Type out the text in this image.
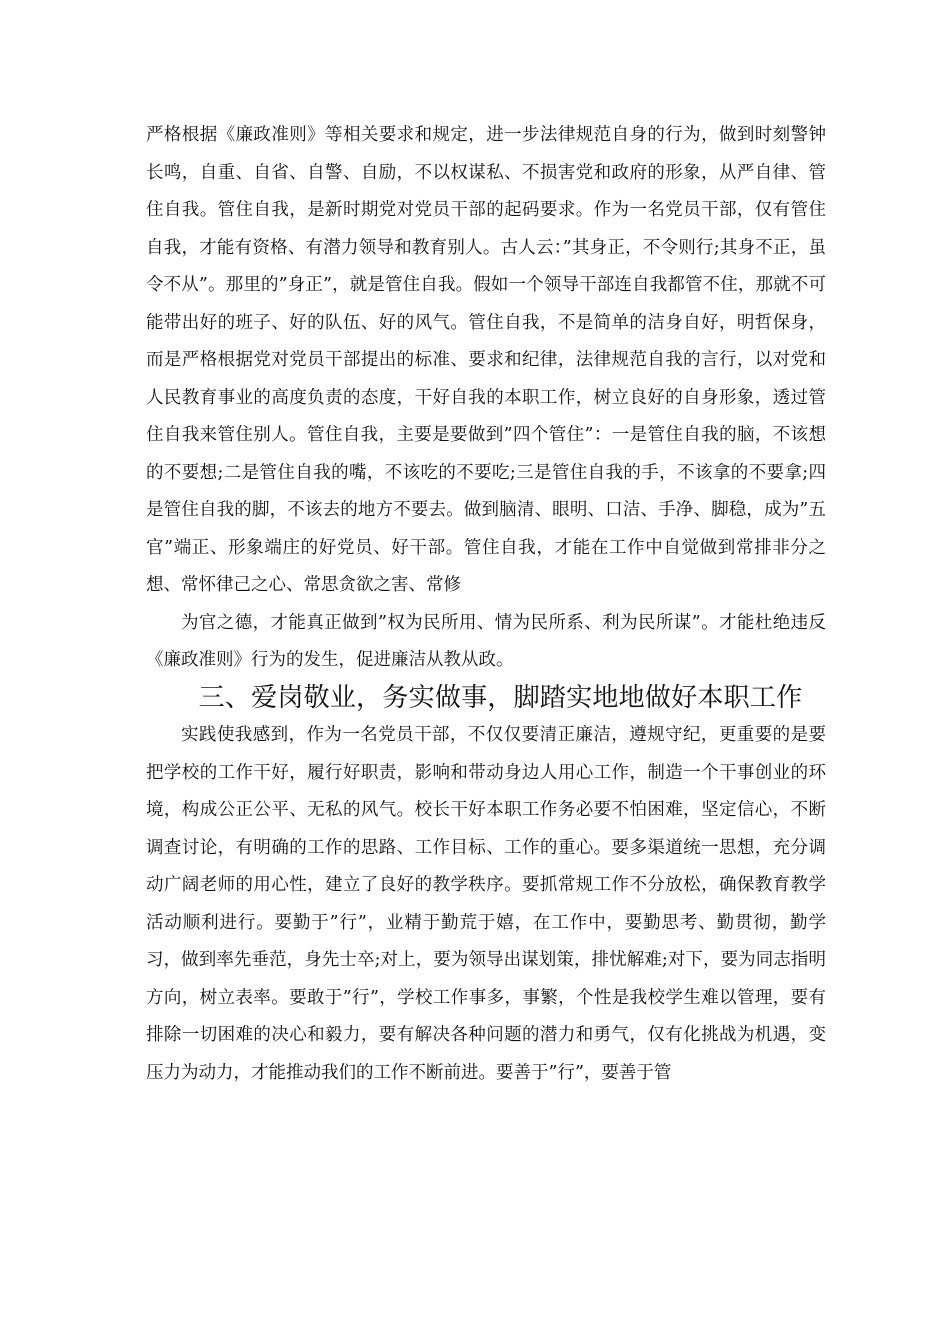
严格根据《廉政准则》等相关要求和规定，进一步法律规范自身的行为，做到时刻警钟长鸣，自重、自省、自警、自励，不以权谋私、不损害党和政府的形象，从严自律、管住自我。管住自我，是新时期党对党员干部的起码要求。作为一名党员干部，仅有管住自我，才能有资格、有潜力领导和教育别人。古人云：”其身正，不令则行;其身不正，虽令不从”。那里的”身正”，就是管住自我。假如一个领导干部连自我都管不住，那就不可能带出好的班子、好的队伍、好的风气。管住自我，不是简单的洁身自好，明哲保身，而是严格根据党对党员干部提出的标准、要求和纪律，法律规范自我的言行，以对党和人民教育事业的高度负责的态度，干好自我的本职工作，树立良好的自身形象，透过管住自我来管住别人。管住自我，主要是要做到”四个管住”：一是管住自我的脑，不该想的不要想;二是管住自我的嘴，不该吃的不要吃;三是管住自我的手，不该拿的不要拿;四是管住自我的脚，不该去的地方不要去。做到脑清、眼明、口洁、手净、脚稳，成为”五官”端正、形象端庄的好党员、好干部。管住自我，才能在工作中自觉做到常排非分之想、常怀律己之心、常思贪欲之害、常修

为官之德，才能真正做到”权为民所用、情为民所系、利为民所谋”。才能杜绝违反《廉政准则》行为的发生，促进廉洁从教从政。

三、爱岗敬业，务实做事，脚踏实地地做好本职工作

实践使我感到，作为一名党员干部，不仅仅要清正廉洁，遵规守纪，更重要的是要把学校的工作干好，履行好职责，影响和带动身边人用心工作，制造一个干事创业的环境，构成公正公平、无私的风气。校长干好本职工作务必要不怕困难，坚定信心，不断调查讨论，有明确的工作的思路、工作目标、工作的重心。要多渠道统一思想，充分调动广阔老师的用心性，建立了良好的教学秩序。要抓常规工作不分放松，确保教育教学活动顺利进行。要勤于”行”，业精于勤荒于嬉，在工作中，要勤思考、勤贯彻，勤学习，做到率先垂范，身先士卒;对上，要为领导出谋划策，排忧解难;对下，要为同志指明方向，树立表率。要敢于”行”，学校工作事多，事繁，个性是我校学生难以管理，要有排除一切困难的决心和毅力，要有解决各种问题的潜力和勇气，仅有化挑战为机遇，变压力为动力，才能推动我们的工作不断前进。要善于”行”，要善于管
